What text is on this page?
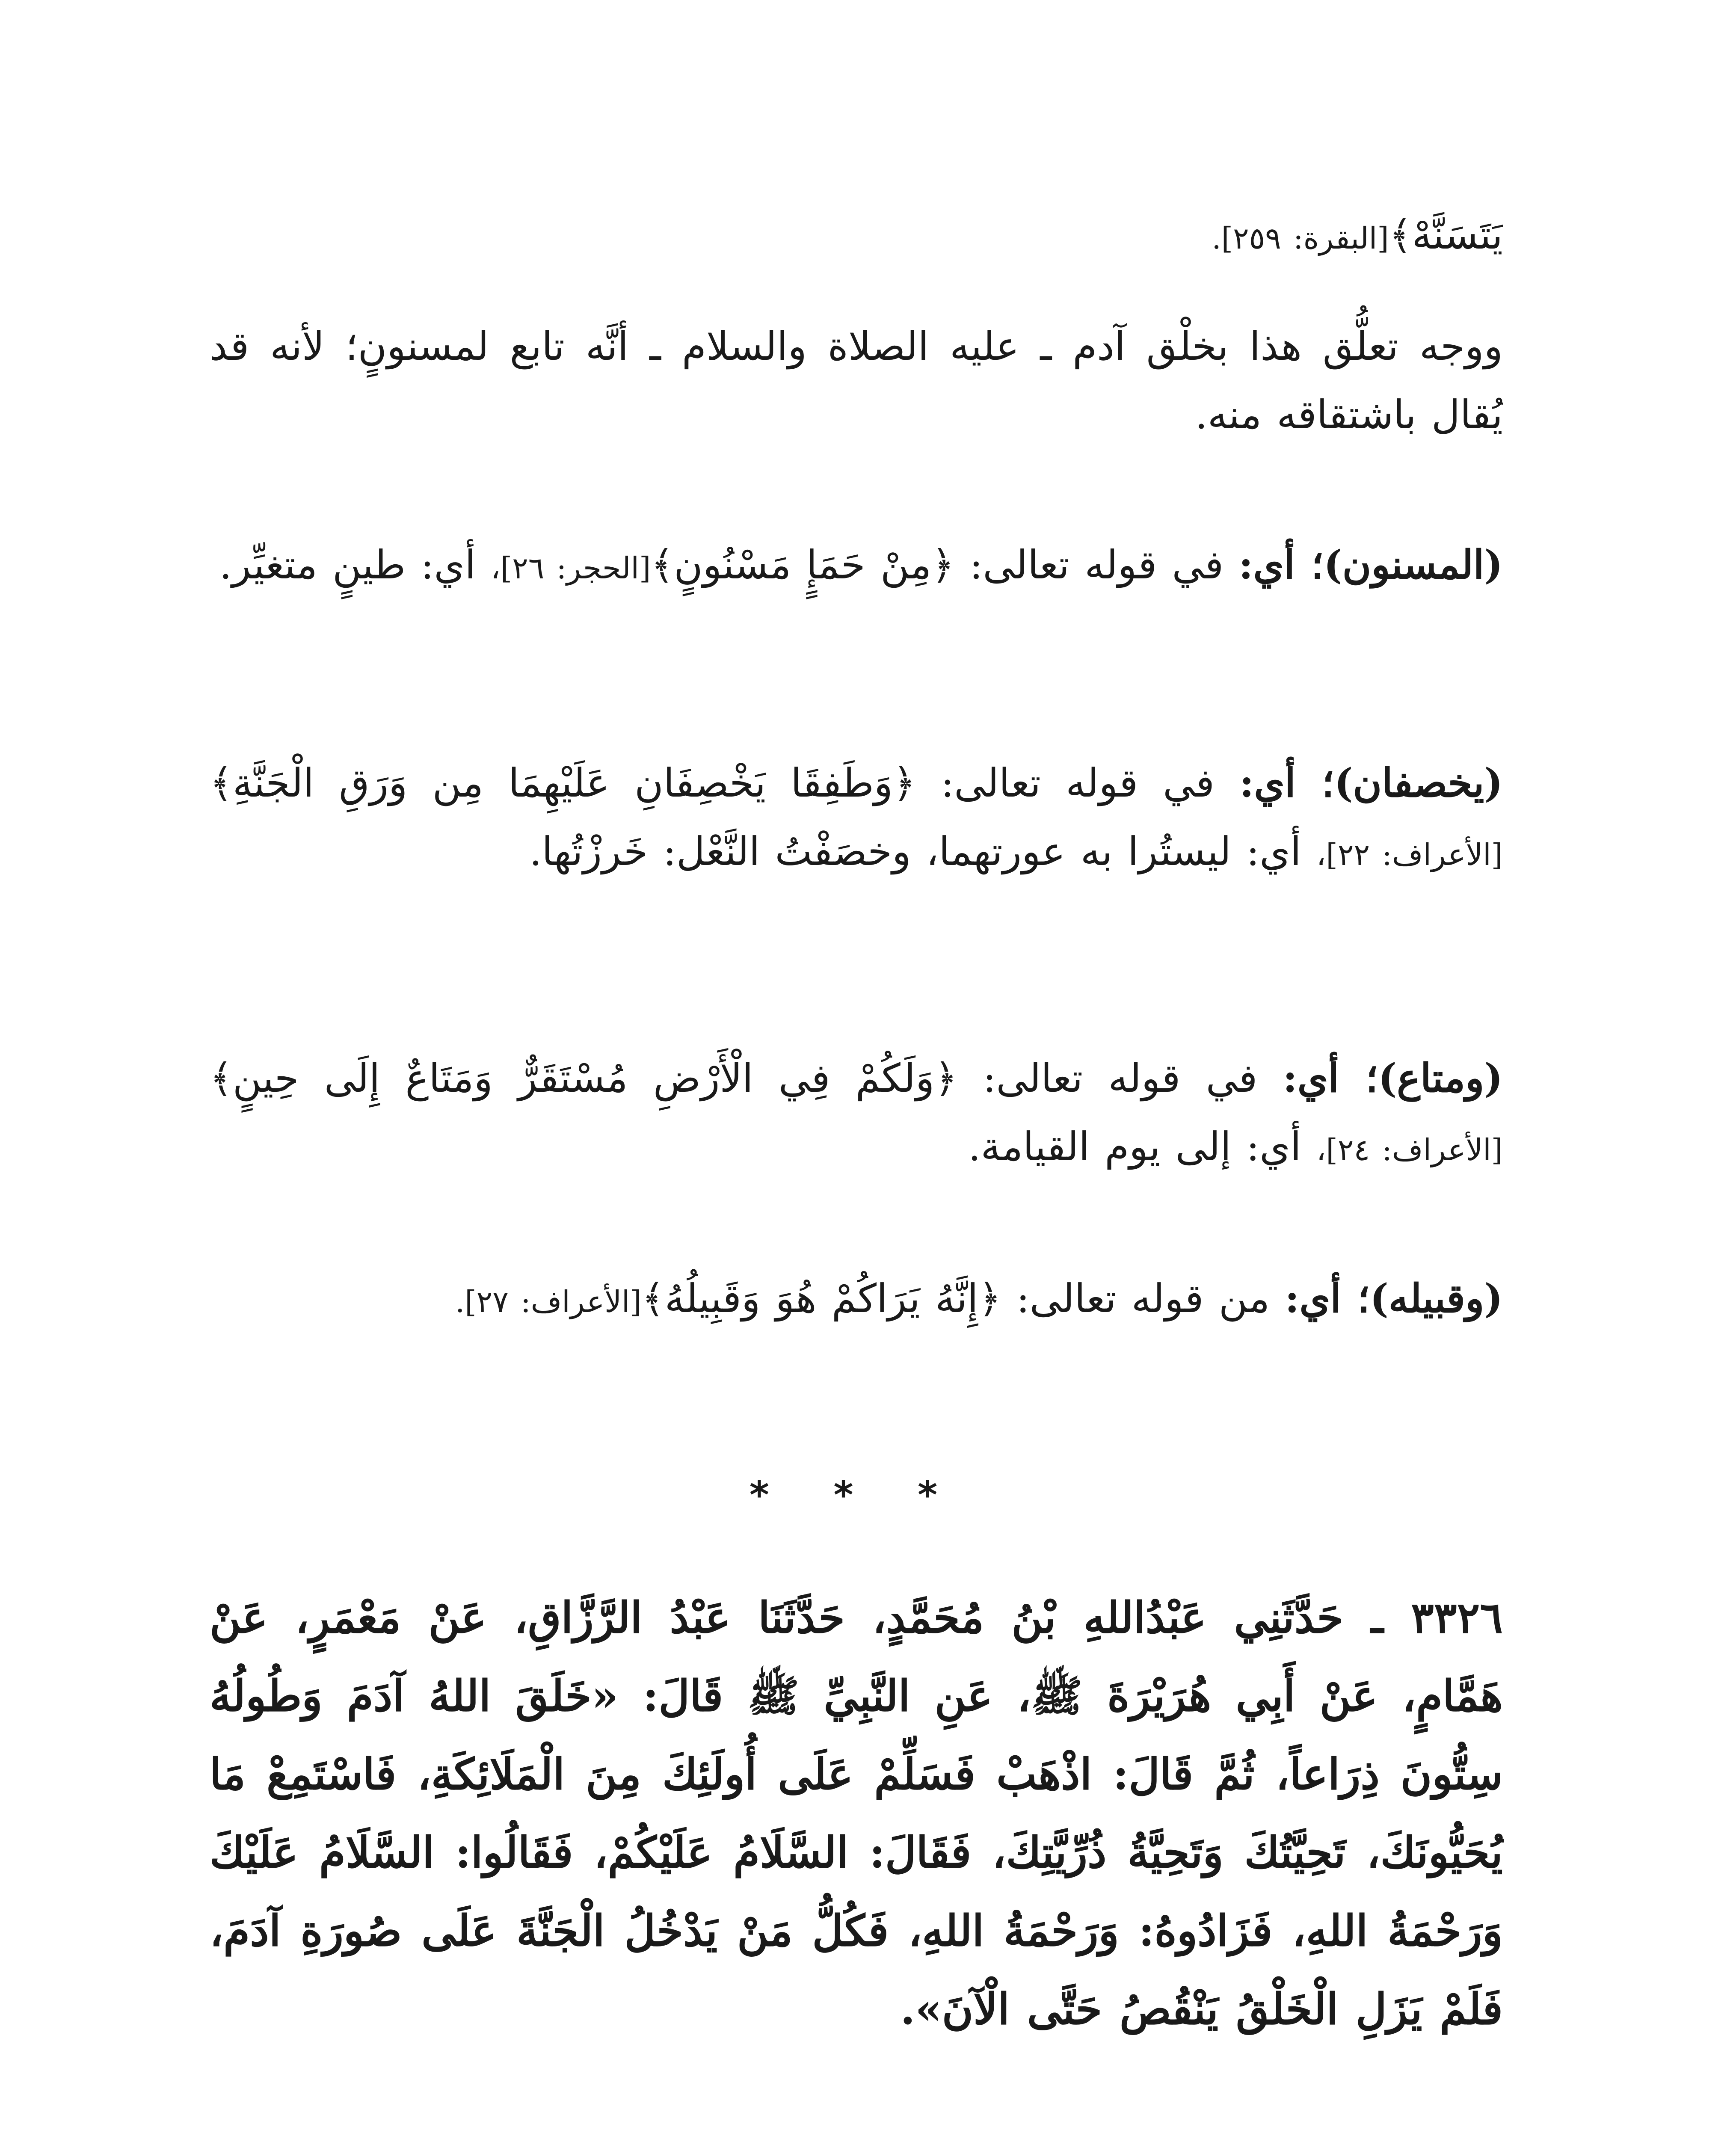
يَتَسَنَّهْ﴾[البقرة: ٢٥٩].
ووجه تعلُّق هذا بخلْق آدم ـ عليه الصلاة والسلام ـ أنَّه تابع لمسنونٍ؛ لأنه قد يُقال باشتقاقه منه.
(المسنون)؛ أي: في قوله تعالى: ﴿مِنْ حَمَإٍ مَسْنُونٍ﴾[الحجر: ٢٦]، أي: طينٍ متغيِّر.
(يخصفان)؛ أي: في قوله تعالى: ﴿وَطَفِقَا يَخْصِفَانِ عَلَيْهِمَا مِن وَرَقِ الْجَنَّةِ﴾[الأعراف: ٢٢]، أي: ليستُرا به عورتهما، وخصَفْتُ النَّعْل: خَرزْتُها.
(ومتاع)؛ أي: في قوله تعالى: ﴿وَلَكُمْ فِي الْأَرْضِ مُسْتَقَرٌّ وَمَتَاعٌ إِلَى حِينٍ﴾[الأعراف: ٢٤]، أي: إلى يوم القيامة.
(وقبيله)؛ أي: من قوله تعالى: ﴿إِنَّهُ يَرَاكُمْ هُوَ وَقَبِيلُهُ﴾[الأعراف: ٢٧].
* * *
٣٣٢٦ ـ حَدَّثَنِي عَبْدُاللهِ بْنُ مُحَمَّدٍ، حَدَّثَنَا عَبْدُ الرَّزَّاقِ، عَنْ مَعْمَرٍ، عَنْ هَمَّامٍ، عَنْ أَبِي هُرَيْرَةَ ﷺ، عَنِ النَّبِيِّ ﷺ قَالَ: «خَلَقَ اللهُ آدَمَ وَطُولُهُ سِتُّونَ ذِرَاعاً، ثُمَّ قَالَ: اذْهَبْ فَسَلِّمْ عَلَى أُولَئِكَ مِنَ الْمَلَائِكَةِ، فَاسْتَمِعْ مَا يُحَيُّونَكَ، تَحِيَّتُكَ وَتَحِيَّةُ ذُرِّيَّتِكَ، فَقَالَ: السَّلَامُ عَلَيْكُمْ، فَقَالُوا: السَّلَامُ عَلَيْكَ وَرَحْمَةُ اللهِ، فَزَادُوهُ: وَرَحْمَةُ اللهِ، فَكُلُّ مَنْ يَدْخُلُ الْجَنَّةَ عَلَى صُورَةِ آدَمَ، فَلَمْ يَزَلِ الْخَلْقُ يَنْقُصُ حَتَّى الْآنَ».
